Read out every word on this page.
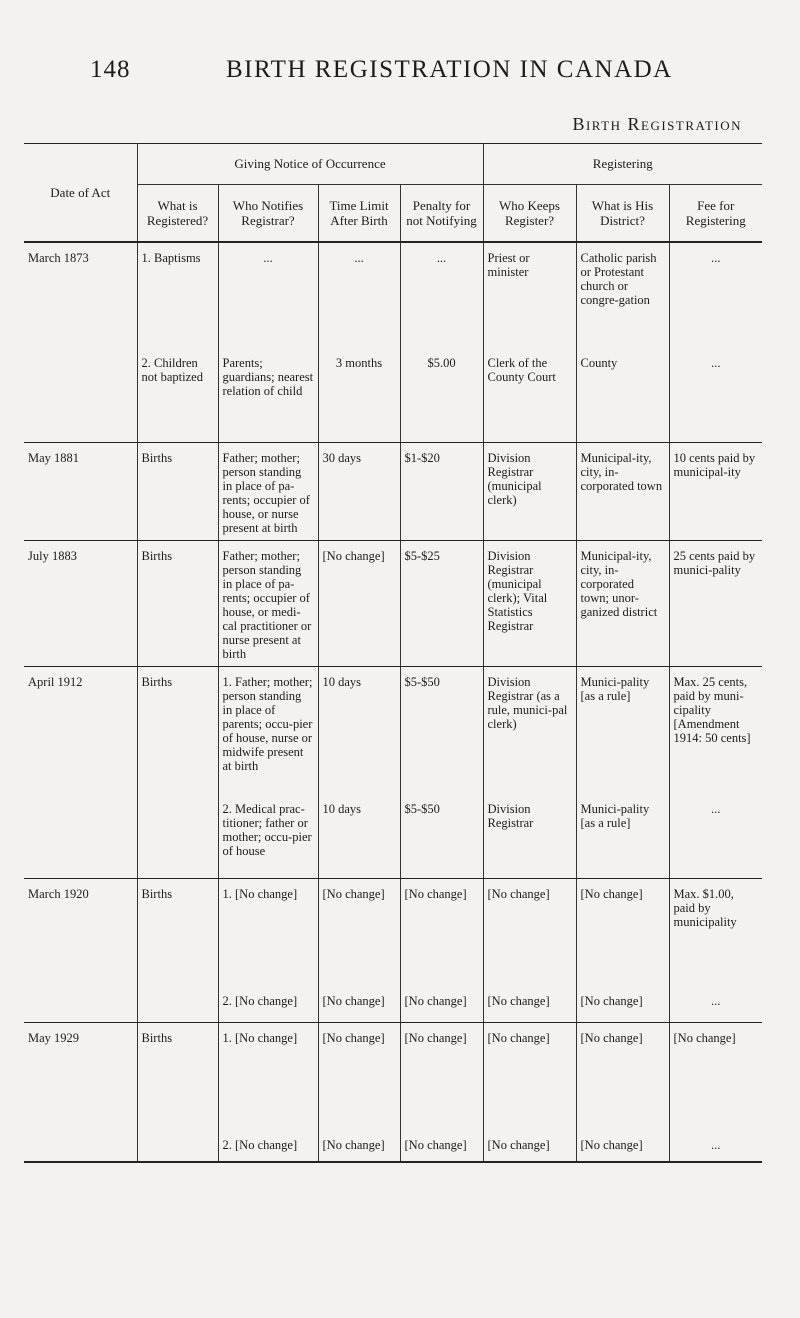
148	BIRTH REGISTRATION IN CANADA
Birth Registration
Date of Act	Giving Notice of Occurrence				Registering		
	What is Registered?	Who Notifies Registrar?	Time Limit After Birth	Penalty for not Notifying	Who Keeps Register?	What is His District?	Fee for Registering
March 1873	1. Baptisms	...	...	...	Priest or minister	Catholic parish or Protestant church or congre-gation	...

	2. Children not baptized	Parents; guardians; nearest relation of child	3 months	$5.00	Clerk of the County Court	County	...

May 1881	Births	Father; mother; person standing in place of pa-rents; occupier of house, or nurse present at birth	30 days	$1-$20	Division Registrar (municipal clerk)	Municipal-ity, city, in-corporated town	10 cents paid by municipal-ity

July 1883	Births	Father; mother; person standing in place of pa-rents; occupier of house, or medi-cal practitioner or nurse present at birth	[No change]	$5-$25	Division Registrar (municipal clerk); Vital Statistics Registrar	Municipal-ity, city, in-corporated town; unor-ganized district	25 cents paid by munici-pality

April 1912	Births	1. Father; mother; person standing in place of parents; occu-pier of house, nurse or midwife present at birth	10 days	$5-$50	Division Registrar (as a rule, munici-pal clerk)	Munici-pality [as a rule]	Max. 25 cents, paid by muni-cipality [Amendment 1914: 50 cents]

		2. Medical prac-titioner; father or mother; occu-pier of house	10 days	$5-$50	Division Registrar	Munici-pality [as a rule]	...

March 1920	Births	1. [No change]	[No change]	[No change]	[No change]	[No change]	Max. $1.00, paid by municipality

		2. [No change]	[No change]	[No change]	[No change]	[No change]	...

May 1929	Births	1. [No change]	[No change]	[No change]	[No change]	[No change]	[No change]

		2. [No change]	[No change]	[No change]	[No change]	[No change]	...
